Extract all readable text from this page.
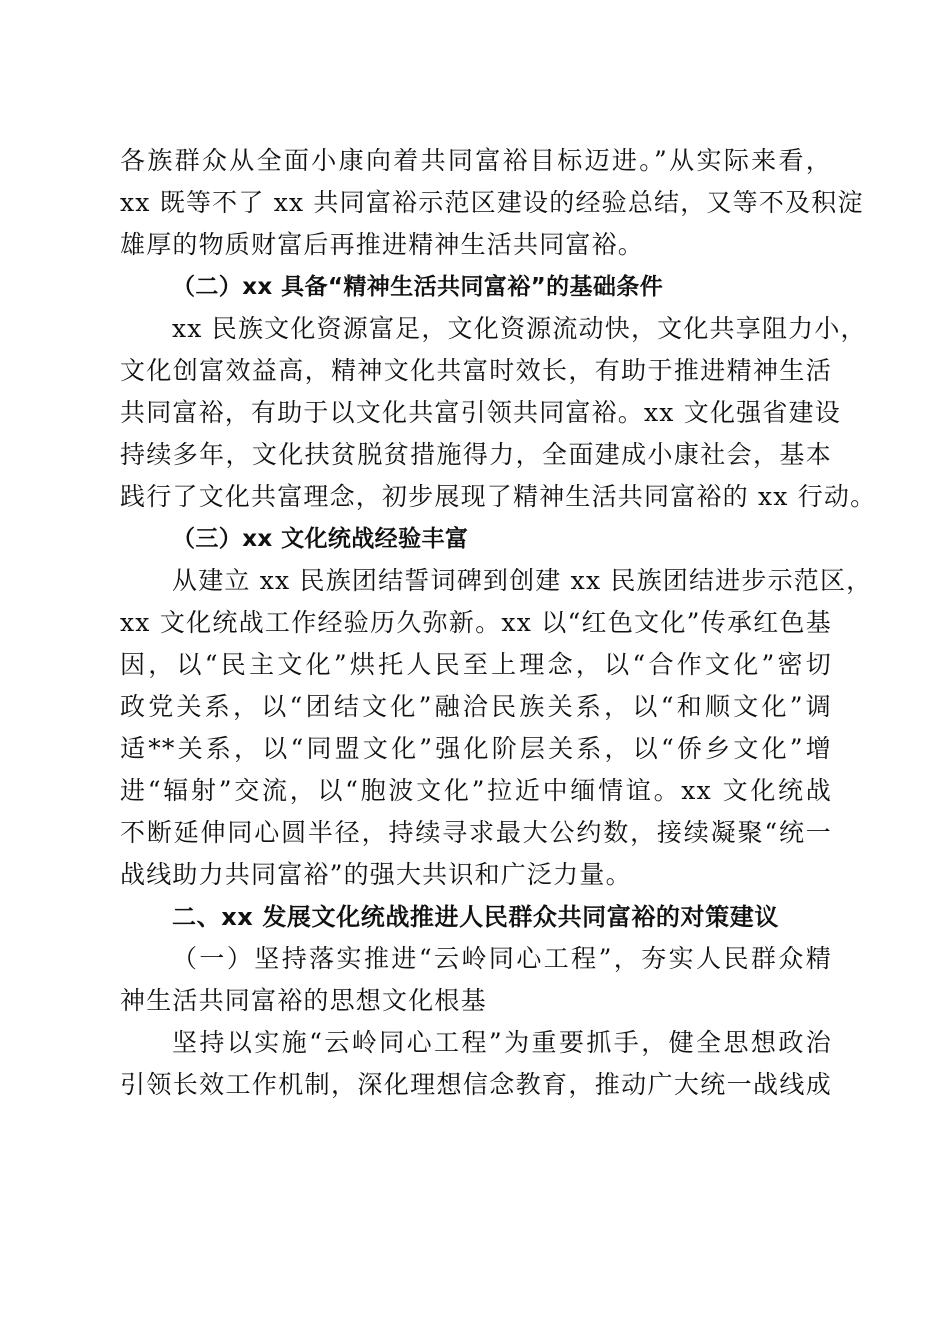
各族群众从全面小康向着共同富裕目标迈进。”从实际来看，
xx 既等不了 xx 共同富裕示范区建设的经验总结，又等不及积淀
雄厚的物质财富后再推进精神生活共同富裕。
（二）xx 具备“精神生活共同富裕”的基础条件
xx 民族文化资源富足，文化资源流动快，文化共享阻力小，
文化创富效益高，精神文化共富时效长，有助于推进精神生活
共同富裕，有助于以文化共富引领共同富裕。xx 文化强省建设
持续多年，文化扶贫脱贫措施得力，全面建成小康社会，基本
践行了文化共富理念，初步展现了精神生活共同富裕的 xx 行动。
（三）xx 文化统战经验丰富
从建立 xx 民族团结誓词碑到创建 xx 民族团结进步示范区，
xx 文化统战工作经验历久弥新。xx 以“红色文化”传承红色基
因，以“民主文化”烘托人民至上理念，以“合作文化”密切
政党关系，以“团结文化”融洽民族关系，以“和顺文化”调
适**关系，以“同盟文化”强化阶层关系，以“侨乡文化”增
进“辐射”交流，以“胞波文化”拉近中缅情谊。xx 文化统战
不断延伸同心圆半径，持续寻求最大公约数，接续凝聚“统一
战线助力共同富裕”的强大共识和广泛力量。
二、xx 发展文化统战推进人民群众共同富裕的对策建议
（一）坚持落实推进“云岭同心工程”，夯实人民群众精
神生活共同富裕的思想文化根基
坚持以实施“云岭同心工程”为重要抓手，健全思想政治
引领长效工作机制，深化理想信念教育，推动广大统一战线成
